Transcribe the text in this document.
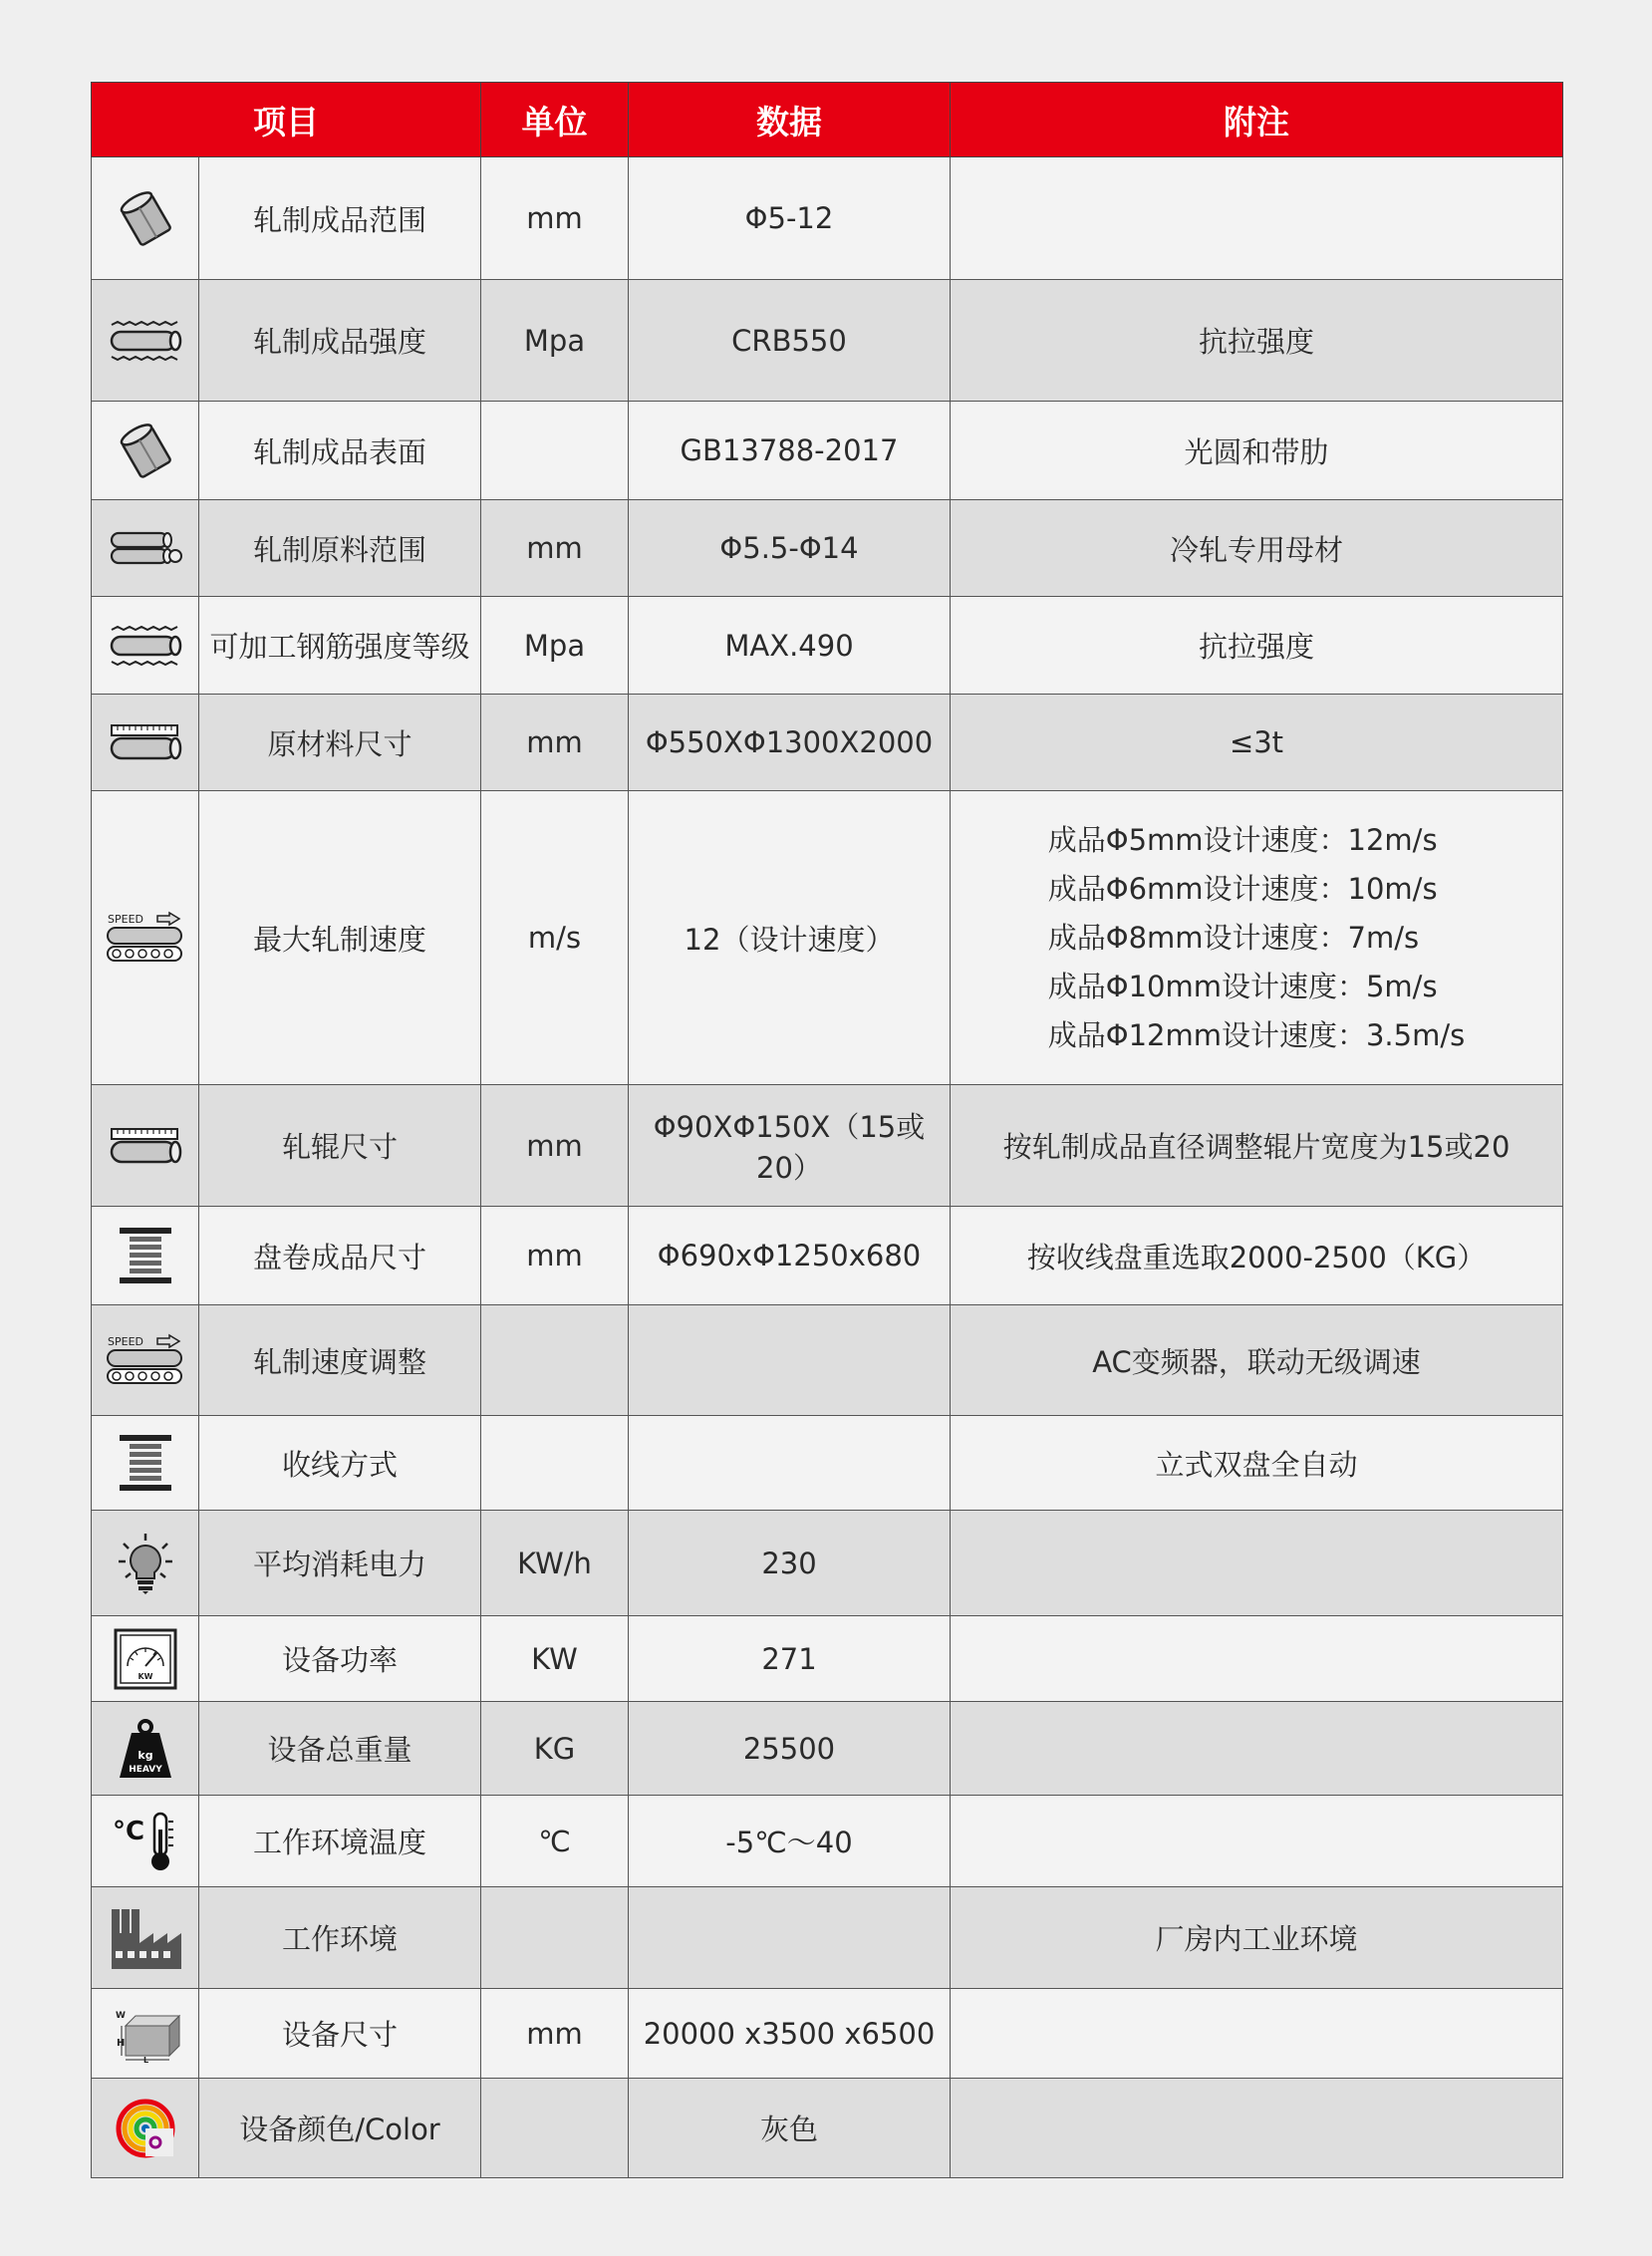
项目		单位	数据	附注

	轧制成品范围	mm	Φ5-12	

	轧制成品强度	Mpa	CRB550	抗拉强度

	轧制成品表面		GB13788-2017	光圆和带肋

	轧制原料范围	mm	Φ5.5-Φ14	冷轧专用母材

	可加工钢筋强度等级	Mpa	MAX.490	抗拉强度

	原材料尺寸	mm	Φ550XΦ1300X2000	≤3t

SPEED	最大轧制速度	m/s	12（设计速度）	成品Φ5mm设计速度：12m/s
成品Φ6mm设计速度：10m/s
成品Φ8mm设计速度：7m/s
成品Φ10mm设计速度：5m/s
成品Φ12mm设计速度：3.5m/s

	轧辊尺寸	mm	Φ90XΦ150X（15或20）	按轧制成品直径调整辊片宽度为15或20

	盘卷成品尺寸	mm	Φ690xΦ1250x680	按收线盘重选取2000-2500（KG）

SPEED	轧制速度调整			AC变频器，联动无级调速

	收线方式			立式双盘全自动

	平均消耗电力	KW/h	230	

KW	设备功率	KW	271	

kg
HEAVY	设备总重量	KG	25500	

°C	工作环境温度	℃	-5℃～40	

	工作环境			厂房内工业环境

H
W
L	设备尺寸	mm	20000 x3500 x6500	

	设备颜色/Color		灰色	
